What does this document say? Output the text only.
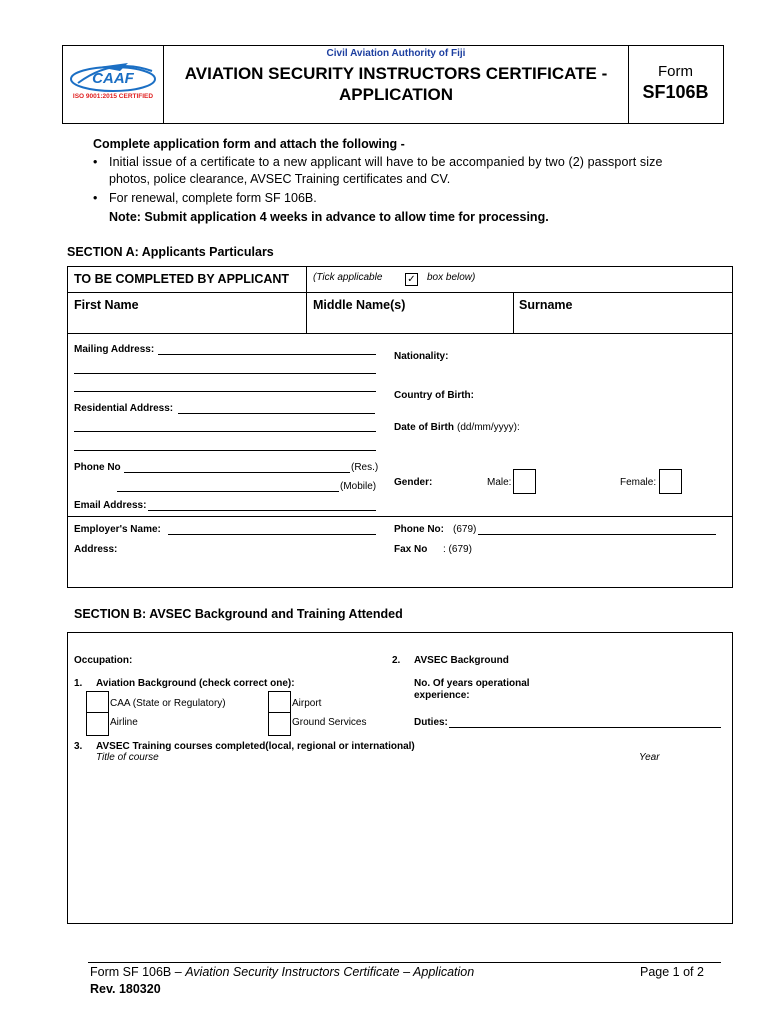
CAAF
ISO 9001:2015 CERTIFIED
Civil Aviation Authority of Fiji
AVIATION SECURITY INSTRUCTORS CERTIFICATE -
APPLICATION
Form
SF106B
Complete application form and attach the following -
• Initial issue of a certificate to a new applicant will have to be accompanied by two (2) passport size
photos, police clearance, AVSEC Training certificates and CV.
• For renewal, complete form SF 106B.
Note: Submit application 4 weeks in advance to allow time for processing.
SECTION A: Applicants Particulars
TO BE COMPLETED BY APPLICANT (Tick applicable ✓ box below)
First Name	Middle Name(s)	Surname
Mailing Address:
Residential Address:
Phone No	(Res.)
(Mobile)
Email Address:
Nationality:
Country of Birth:
Date of Birth (dd/mm/yyyy):
Gender:	Male:	Female:
Employer's Name:
Address:
Phone No: (679)
Fax No : (679)
SECTION B: AVSEC Background and Training Attended
Occupation:	2. AVSEC Background
1. Aviation Background (check correct one):
CAA (State or Regulatory)	Airport
Airline	Ground Services
No. Of years operational
experience:
Duties:
3. AVSEC Training courses completed(local, regional or international)
Title of course	Year
Form SF 106B – Aviation Security Instructors Certificate – Application
Rev. 180320
Page 1 of 2
